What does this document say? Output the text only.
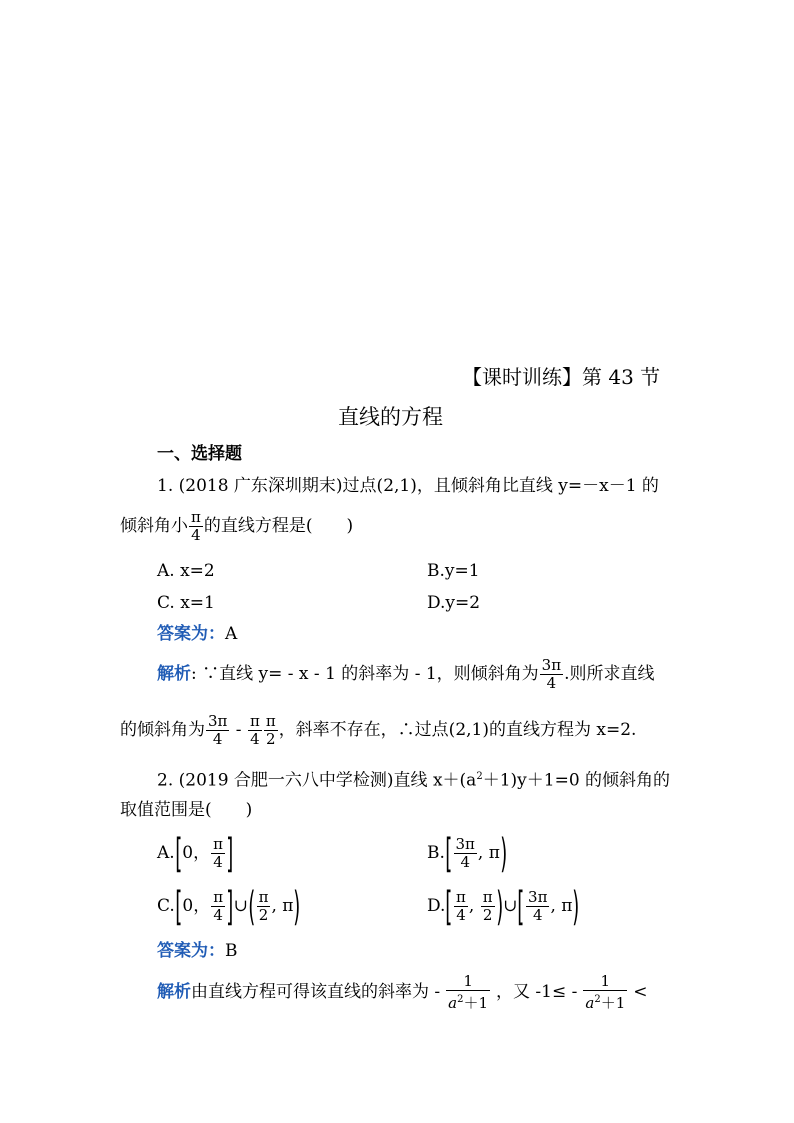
【课时训练】第 43 节
直线的方程
一、选择题
1. (2018 广东深圳期末)过点(2,1)，且倾斜角比直线 y=－x－1 的
倾斜角小 $\frac{\pi}{4}$ 的直线方程是(　　)
A. x=2	B.y=1
C. x=1	D.y=2
答案为：A
解析: ∵直线 y= - x - 1 的斜率为 - 1，则倾斜角为 $\frac{3\pi}{4}$ .则所求直线
的倾斜角为 $\frac{3\pi}{4} - \frac{\pi}{4} \frac{\pi}{2}$ ，斜率不存在，∴过点(2,1)的直线方程为 x=2.
2. (2019 合肥一六八中学检测)直线 $x+(a^2+1)y+1=0$ 的倾斜角的
取值范围是(　　)
A.[0， $\frac{\pi}{4}$ ]	$B.[ \frac{3\pi}{4}$ , π)
C.[0， $\frac{\pi}{4}$ ]∪( $\frac{\pi}{2}$ , π)	$D.[ \frac{\pi}{4}$ , $\frac{\pi}{2}$ )∪[ $\frac{3\pi}{4}$ , π)
答案为：B
解析由直线方程可得该直线的斜率为 - $\frac{1}{a^2+1}$ ，又 $-1\le - \frac{1}{a^2+1}$ <
